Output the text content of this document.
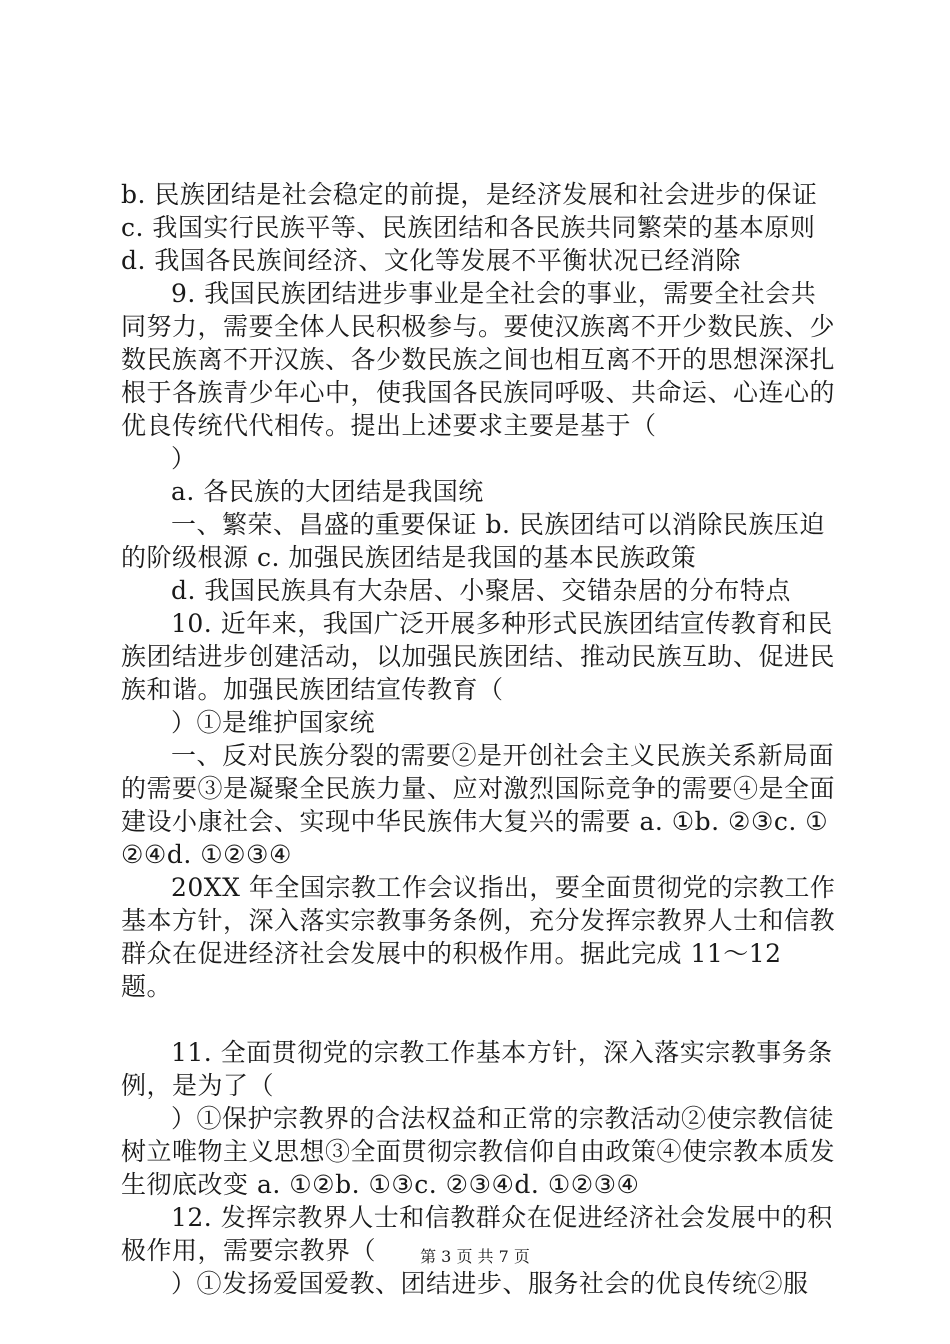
b. 民族团结是社会稳定的前提，是经济发展和社会进步的保证

c. 我国实行民族平等、民族团结和各民族共同繁荣的基本原则

d. 我国各民族间经济、文化等发展不平衡状况已经消除

9. 我国民族团结进步事业是全社会的事业，需要全社会共同努力，需要全体人民积极参与。要使汉族离不开少数民族、少数民族离不开汉族、各少数民族之间也相互离不开的思想深深扎根于各族青少年心中，使我国各民族同呼吸、共命运、心连心的优良传统代代相传。提出上述要求主要是基于（

）

a. 各民族的大团结是我国统

一、繁荣、昌盛的重要保证 b. 民族团结可以消除民族压迫的阶级根源 c. 加强民族团结是我国的基本民族政策

d. 我国民族具有大杂居、小聚居、交错杂居的分布特点

10. 近年来，我国广泛开展多种形式民族团结宣传教育和民族团结进步创建活动，以加强民族团结、推动民族互助、促进民族和谐。加强民族团结宣传教育（

）①是维护国家统

一、反对民族分裂的需要②是开创社会主义民族关系新局面的需要③是凝聚全民族力量、应对激烈国际竞争的需要④是全面建设小康社会、实现中华民族伟大复兴的需要 a. ①b. ②③c. ①②④d. ①②③④

20XX 年全国宗教工作会议指出，要全面贯彻党的宗教工作基本方针，深入落实宗教事务条例，充分发挥宗教界人士和信教群众在促进经济社会发展中的积极作用。据此完成 11～12 题。

11. 全面贯彻党的宗教工作基本方针，深入落实宗教事务条例，是为了（

）①保护宗教界的合法权益和正常的宗教活动②使宗教信徒树立唯物主义思想③全面贯彻宗教信仰自由政策④使宗教本质发生彻底改变 a. ①②b. ①③c. ②③④d. ①②③④

12. 发挥宗教界人士和信教群众在促进经济社会发展中的积极作用，需要宗教界（

）①发扬爱国爱教、团结进步、服务社会的优良传统②服

第 3 页 共 7 页
